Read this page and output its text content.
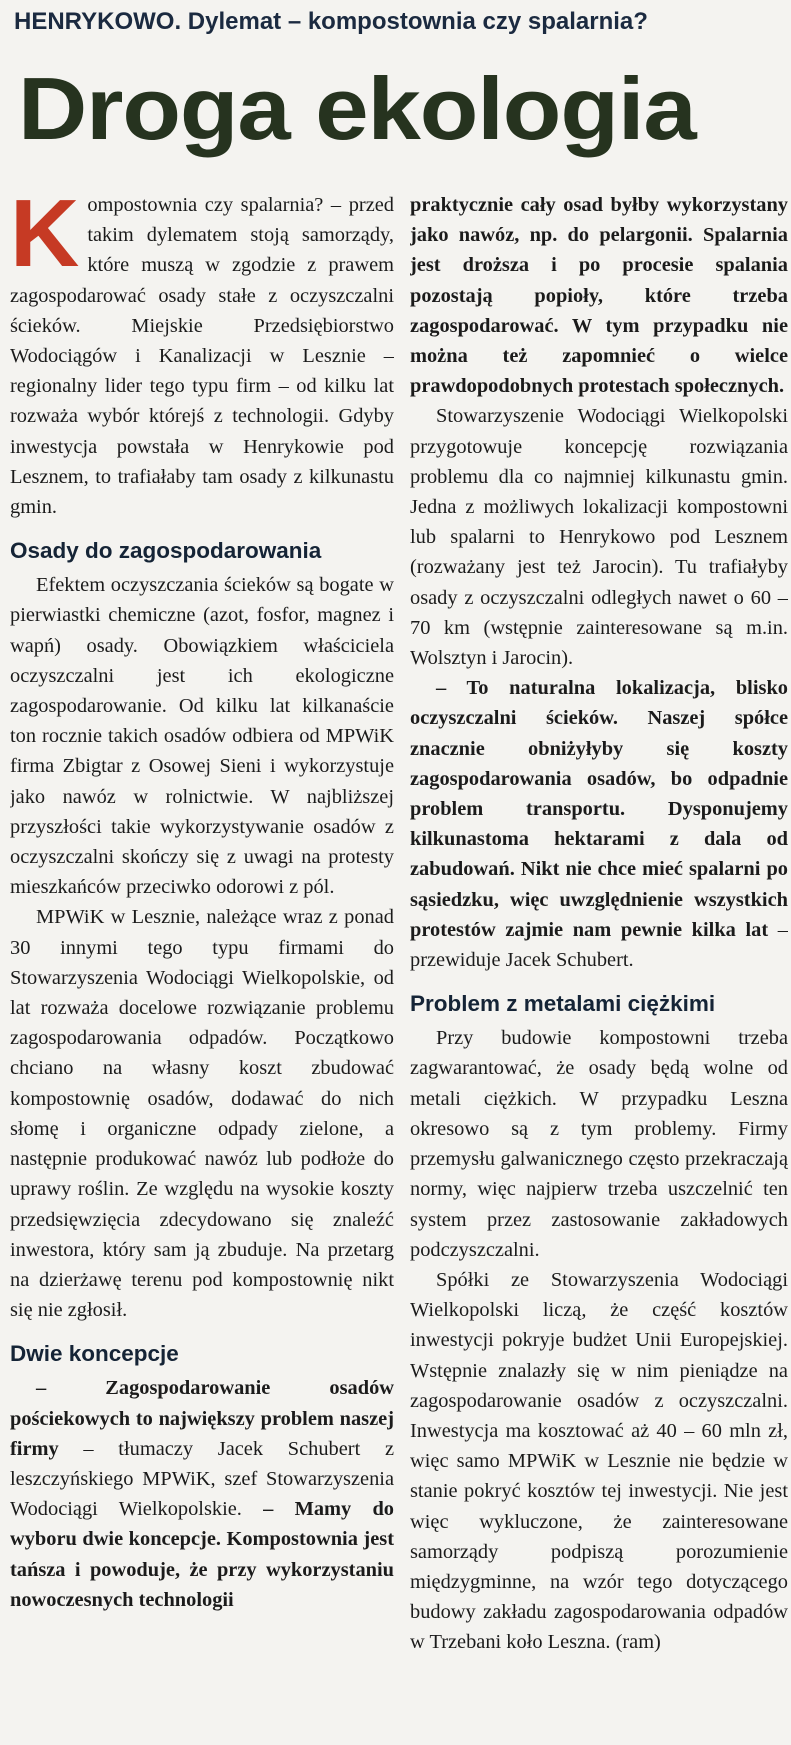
HENRYKOWO. Dylemat – kompostownia czy spalarnia?
Droga ekologia

Kompostownia czy spalarnia? – przed takim dylematem stoją samorządy, które muszą w zgodzie z prawem zagospodarować osady stałe z oczyszczalni ścieków. Miejskie Przedsiębiorstwo Wodociągów i Kanalizacji w Lesznie – regionalny lider tego typu firm – od kilku lat rozważa wybór którejś z technologii. Gdyby inwestycja powstała w Henrykowie pod Lesznem, to trafiałaby tam osady z kilkunastu gmin.

Osady do zagospodarowania

Efektem oczyszczania ścieków są bogate w pierwiastki chemiczne (azot, fosfor, magnez i wapń) osady. Obowiązkiem właściciela oczyszczalni jest ich ekologiczne zagospodarowanie. Od kilku lat kilkanaście ton rocznie takich osadów odbiera od MPWiK firma Zbigtar z Osowej Sieni i wykorzystuje jako nawóz w rolnictwie. W najbliższej przyszłości takie wykorzystywanie osadów z oczyszczalni skończy się z uwagi na protesty mieszkańców przeciwko odorowi z pól.

MPWiK w Lesznie, należące wraz z ponad 30 innymi tego typu firmami do Stowarzyszenia Wodociągi Wielkopolskie, od lat rozważa docelowe rozwiązanie problemu zagospodarowania odpadów. Początkowo chciano na własny koszt zbudować kompostownię osadów, dodawać do nich słomę i organiczne odpady zielone, a następnie produkować nawóz lub podłoże do uprawy roślin. Ze względu na wysokie koszty przedsięwzięcia zdecydowano się znaleźć inwestora, który sam ją zbuduje. Na przetarg na dzierżawę terenu pod kompostownię nikt się nie zgłosił.

Dwie koncepcje

– Zagospodarowanie osadów pościekowych to największy problem naszej firmy – tłumaczy Jacek Schubert z leszczyńskiego MPWiK, szef Stowarzyszenia Wodociągi Wielkopolskie. – Mamy do wyboru dwie koncepcje. Kompostownia jest tańsza i powoduje, że przy wykorzystaniu nowoczesnych technologii

praktycznie cały osad byłby wykorzystany jako nawóz, np. do pelargonii. Spalarnia jest droższa i po procesie spalania pozostają popioły, które trzeba zagospodarować. W tym przypadku nie można też zapomnieć o wielce prawdopodobnych protestach społecznych.

Stowarzyszenie Wodociągi Wielkopolski przygotowuje koncepcję rozwiązania problemu dla co najmniej kilkunastu gmin. Jedna z możliwych lokalizacji kompostowni lub spalarni to Henrykowo pod Lesznem (rozważany jest też Jarocin). Tu trafiałyby osady z oczyszczalni odległych nawet o 60 – 70 km (wstępnie zainteresowane są m.in. Wolsztyn i Jarocin).

– To naturalna lokalizacja, blisko oczyszczalni ścieków. Naszej spółce znacznie obniżyłyby się koszty zagospodarowania osadów, bo odpadnie problem transportu. Dysponujemy kilkunastoma hektarami z dala od zabudowań. Nikt nie chce mieć spalarni po sąsiedzku, więc uwzględnienie wszystkich protestów zajmie nam pewnie kilka lat – przewiduje Jacek Schubert.

Problem z metalami ciężkimi

Przy budowie kompostowni trzeba zagwarantować, że osady będą wolne od metali ciężkich. W przypadku Leszna okresowo są z tym problemy. Firmy przemysłu galwanicznego często przekraczają normy, więc najpierw trzeba uszczelnić ten system przez zastosowanie zakładowych podczyszczalni.

Spółki ze Stowarzyszenia Wodociągi Wielkopolski liczą, że część kosztów inwestycji pokryje budżet Unii Europejskiej. Wstępnie znalazły się w nim pieniądze na zagospodarowanie osadów z oczyszczalni. Inwestycja ma kosztować aż 40 – 60 mln zł, więc samo MPWiK w Lesznie nie będzie w stanie pokryć kosztów tej inwestycji. Nie jest więc wykluczone, że zainteresowane samorządy podpiszą porozumienie międzygminne, na wzór tego dotyczącego budowy zakładu zagospodarowania odpadów w Trzebani koło Leszna. (ram)
